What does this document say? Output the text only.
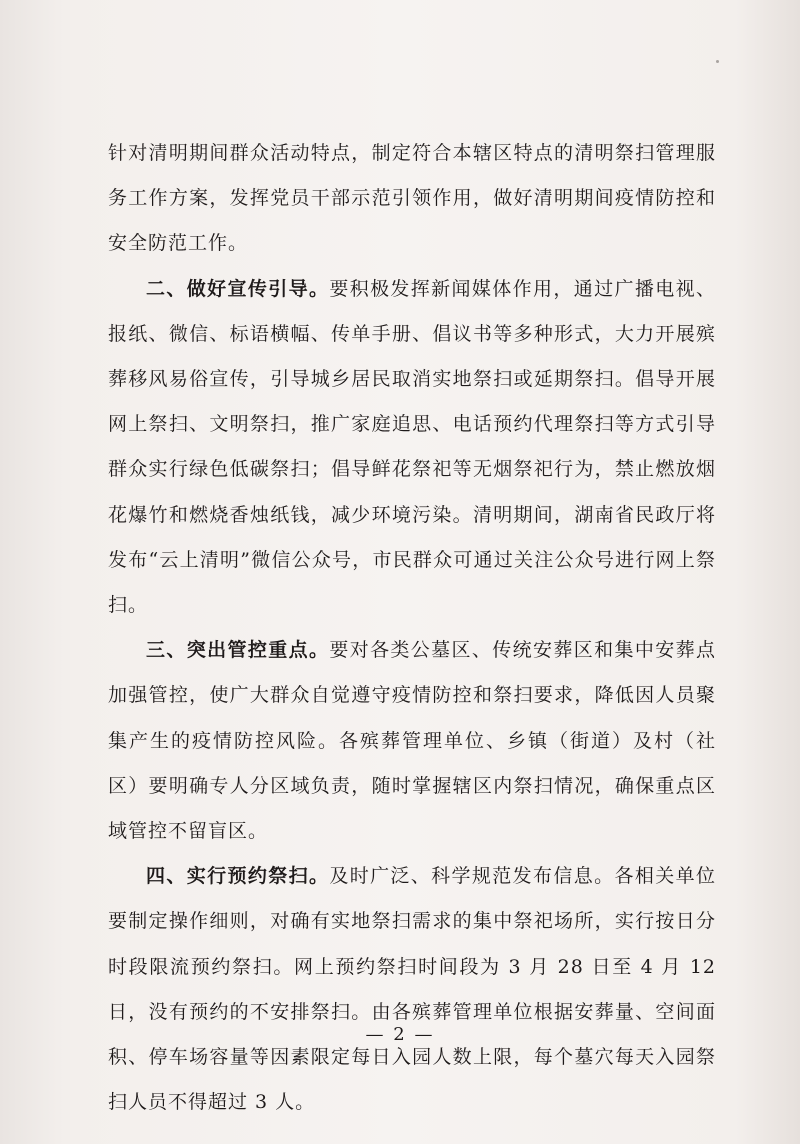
针对清明期间群众活动特点，制定符合本辖区特点的清明祭扫管理服务工作方案，发挥党员干部示范引领作用，做好清明期间疫情防控和安全防范工作。

二、做好宣传引导。要积极发挥新闻媒体作用，通过广播电视、报纸、微信、标语横幅、传单手册、倡议书等多种形式，大力开展殡葬移风易俗宣传，引导城乡居民取消实地祭扫或延期祭扫。倡导开展网上祭扫、文明祭扫，推广家庭追思、电话预约代理祭扫等方式引导群众实行绿色低碳祭扫；倡导鲜花祭祀等无烟祭祀行为，禁止燃放烟花爆竹和燃烧香烛纸钱，减少环境污染。清明期间，湖南省民政厅将发布“云上清明”微信公众号，市民群众可通过关注公众号进行网上祭扫。

三、突出管控重点。要对各类公墓区、传统安葬区和集中安葬点加强管控，使广大群众自觉遵守疫情防控和祭扫要求，降低因人员聚集产生的疫情防控风险。各殡葬管理单位、乡镇（街道）及村（社区）要明确专人分区域负责，随时掌握辖区内祭扫情况，确保重点区域管控不留盲区。

四、实行预约祭扫。及时广泛、科学规范发布信息。各相关单位要制定操作细则，对确有实地祭扫需求的集中祭祀场所，实行按日分时段限流预约祭扫。网上预约祭扫时间段为 3 月 28 日至 4 月 12 日，没有预约的不安排祭扫。由各殡葬管理单位根据安葬量、空间面积、停车场容量等因素限定每日入园人数上限，每个墓穴每天入园祭扫人员不得超过 3 人。

— 2 —
